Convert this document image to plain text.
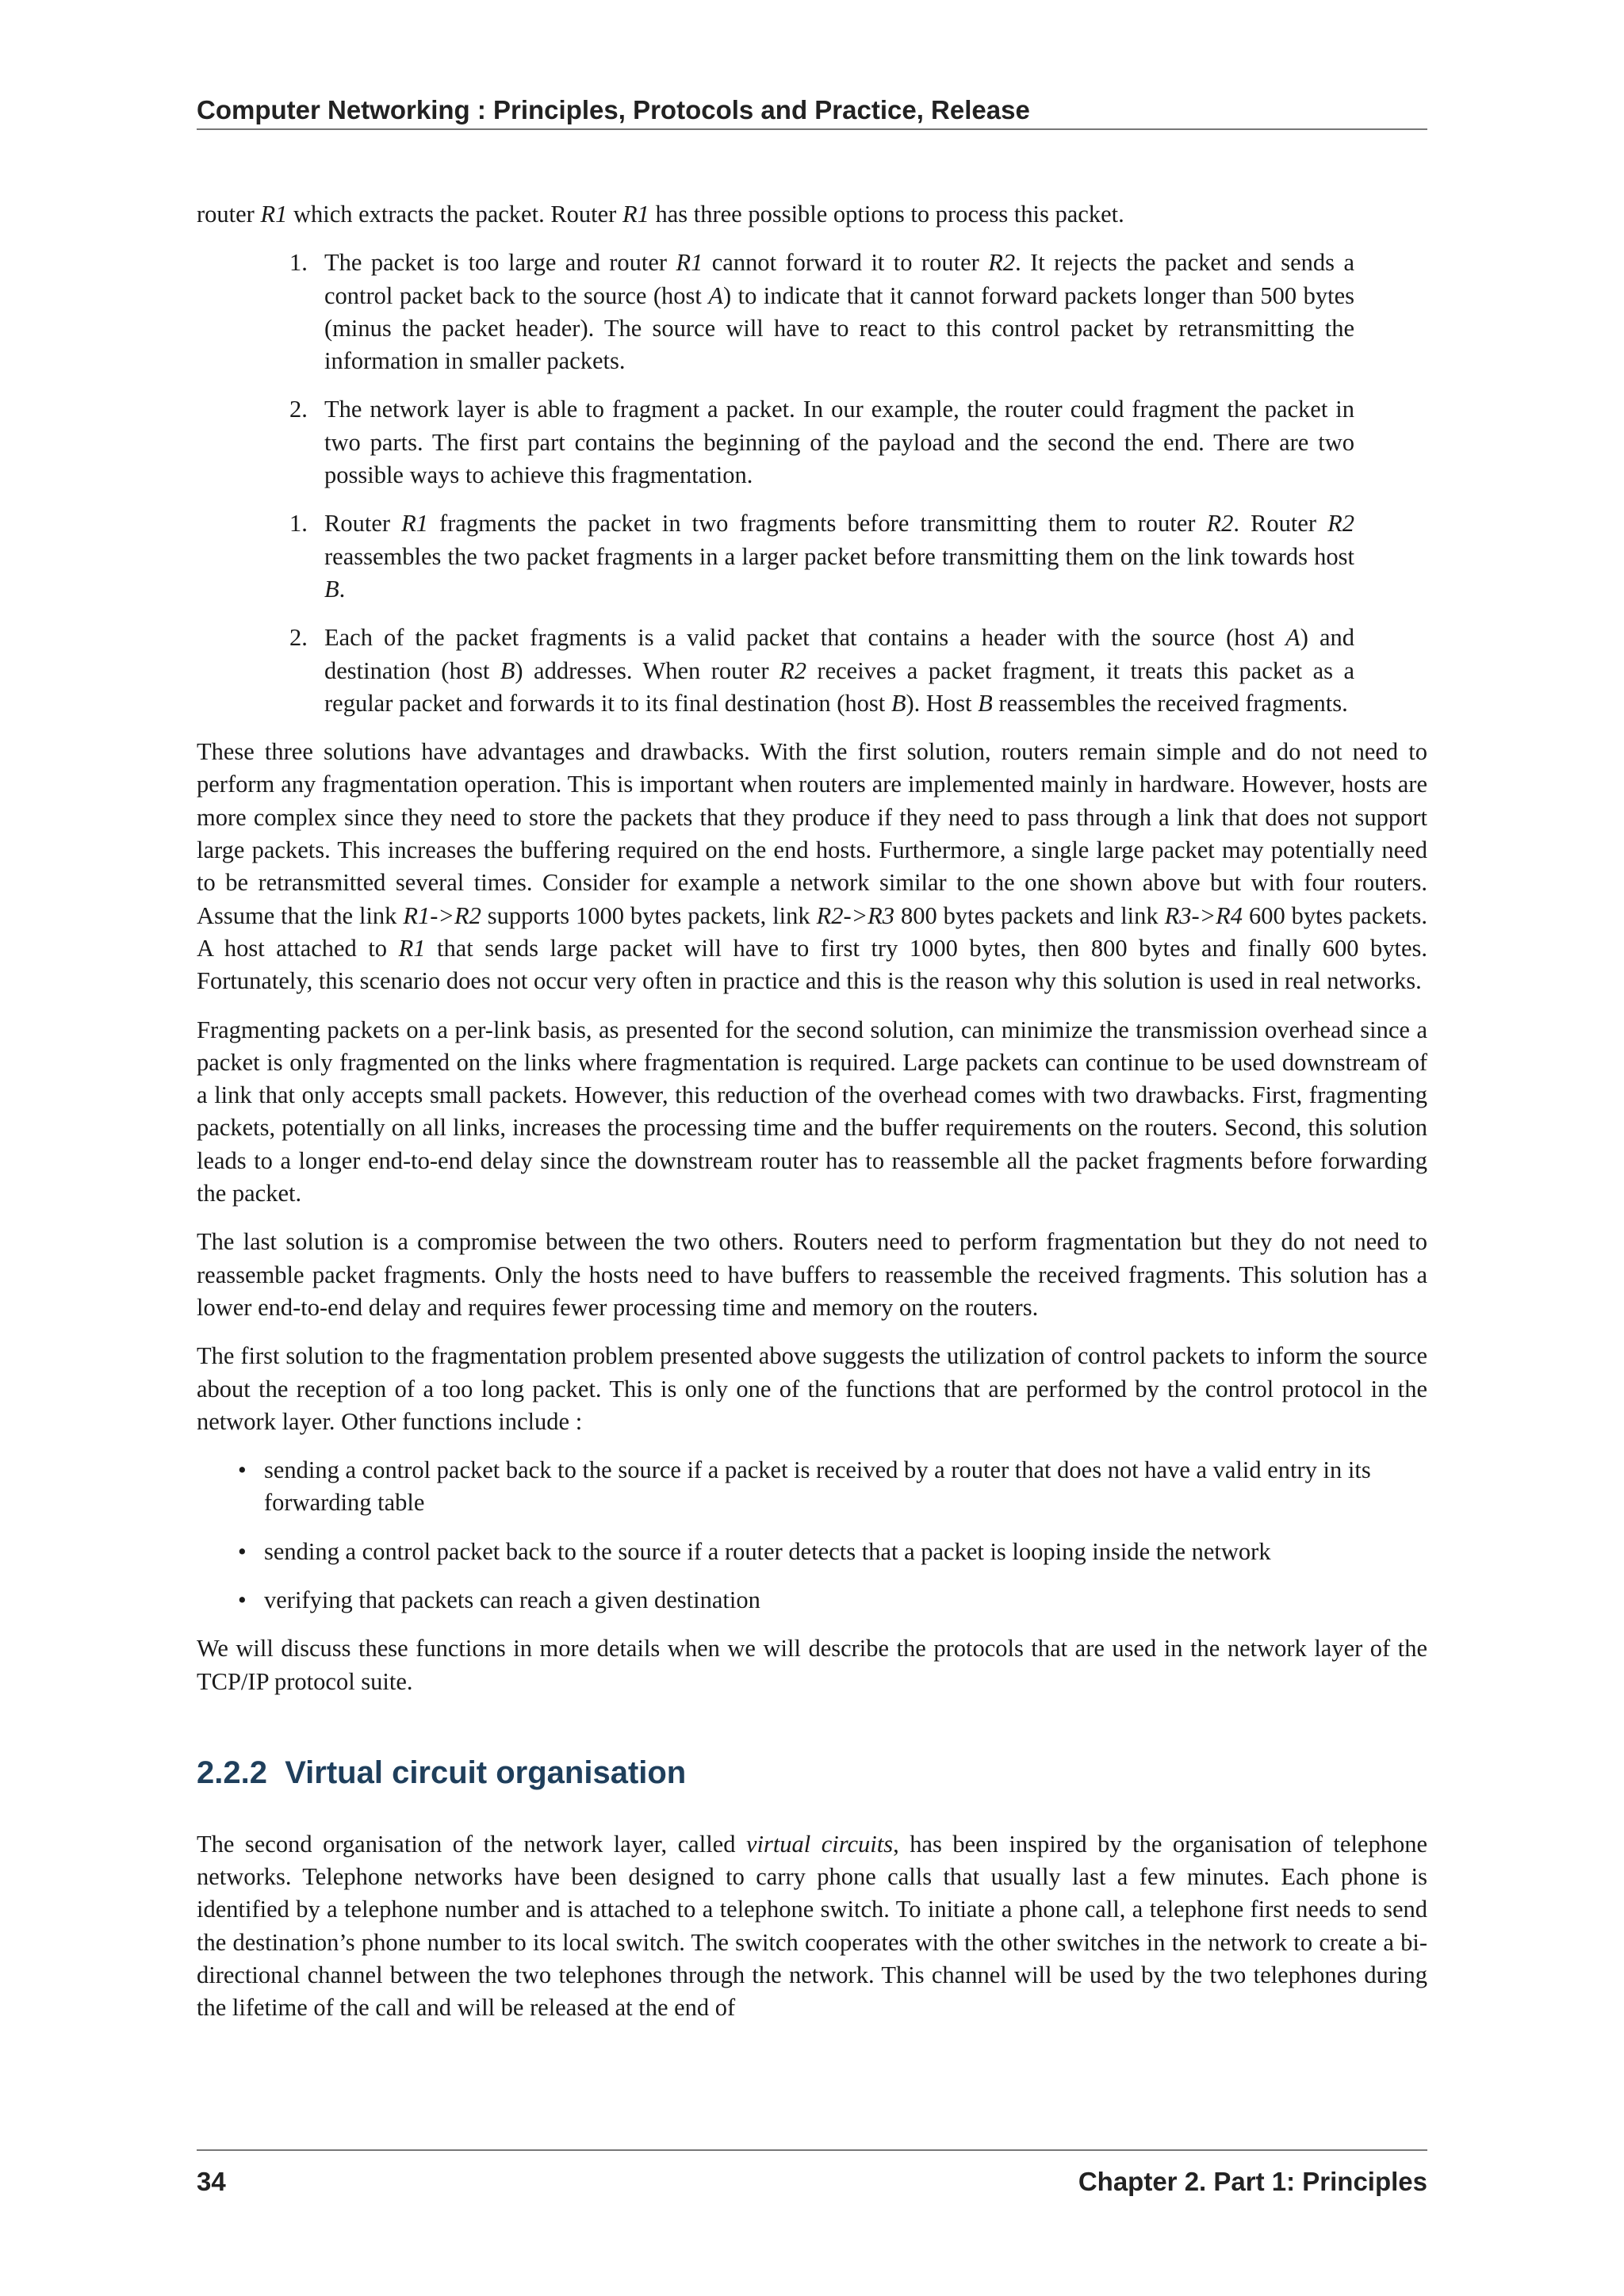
Computer Networking : Principles, Protocols and Practice, Release

router R1 which extracts the packet. Router R1 has three possible options to process this packet.

1. The packet is too large and router R1 cannot forward it to router R2. It rejects the packet and sends a control packet back to the source (host A) to indicate that it cannot forward packets longer than 500 bytes (minus the packet header). The source will have to react to this control packet by retransmitting the information in smaller packets.
2. The network layer is able to fragment a packet. In our example, the router could fragment the packet in two parts. The first part contains the beginning of the payload and the second the end. There are two possible ways to achieve this fragmentation.
1. Router R1 fragments the packet in two fragments before transmitting them to router R2. Router R2 reassembles the two packet fragments in a larger packet before transmitting them on the link towards host B.
2. Each of the packet fragments is a valid packet that contains a header with the source (host A) and destination (host B) addresses. When router R2 receives a packet fragment, it treats this packet as a regular packet and forwards it to its final destination (host B). Host B reassembles the received fragments.

These three solutions have advantages and drawbacks. With the first solution, routers remain simple and do not need to perform any fragmentation operation. This is important when routers are implemented mainly in hardware. However, hosts are more complex since they need to store the packets that they produce if they need to pass through a link that does not support large packets. This increases the buffering required on the end hosts. Furthermore, a single large packet may potentially need to be retransmitted several times. Consider for example a network similar to the one shown above but with four routers. Assume that the link R1->R2 supports 1000 bytes packets, link R2->R3 800 bytes packets and link R3->R4 600 bytes packets. A host attached to R1 that sends large packet will have to first try 1000 bytes, then 800 bytes and finally 600 bytes. Fortunately, this scenario does not occur very often in practice and this is the reason why this solution is used in real networks.

Fragmenting packets on a per-link basis, as presented for the second solution, can minimize the transmission overhead since a packet is only fragmented on the links where fragmentation is required. Large packets can continue to be used downstream of a link that only accepts small packets. However, this reduction of the overhead comes with two drawbacks. First, fragmenting packets, potentially on all links, increases the processing time and the buffer requirements on the routers. Second, this solution leads to a longer end-to-end delay since the downstream router has to reassemble all the packet fragments before forwarding the packet.

The last solution is a compromise between the two others. Routers need to perform fragmentation but they do not need to reassemble packet fragments. Only the hosts need to have buffers to reassemble the received fragments. This solution has a lower end-to-end delay and requires fewer processing time and memory on the routers.

The first solution to the fragmentation problem presented above suggests the utilization of control packets to inform the source about the reception of a too long packet. This is only one of the functions that are performed by the control protocol in the network layer. Other functions include :

• sending a control packet back to the source if a packet is received by a router that does not have a valid entry in its forwarding table
• sending a control packet back to the source if a router detects that a packet is looping inside the network
• verifying that packets can reach a given destination

We will discuss these functions in more details when we will describe the protocols that are used in the network layer of the TCP/IP protocol suite.

2.2.2 Virtual circuit organisation

The second organisation of the network layer, called virtual circuits, has been inspired by the organisation of telephone networks. Telephone networks have been designed to carry phone calls that usually last a few minutes. Each phone is identified by a telephone number and is attached to a telephone switch. To initiate a phone call, a telephone first needs to send the destination’s phone number to its local switch. The switch cooperates with the other switches in the network to create a bi-directional channel between the two telephones through the network. This channel will be used by the two telephones during the lifetime of the call and will be released at the end of

34	Chapter 2. Part 1: Principles
